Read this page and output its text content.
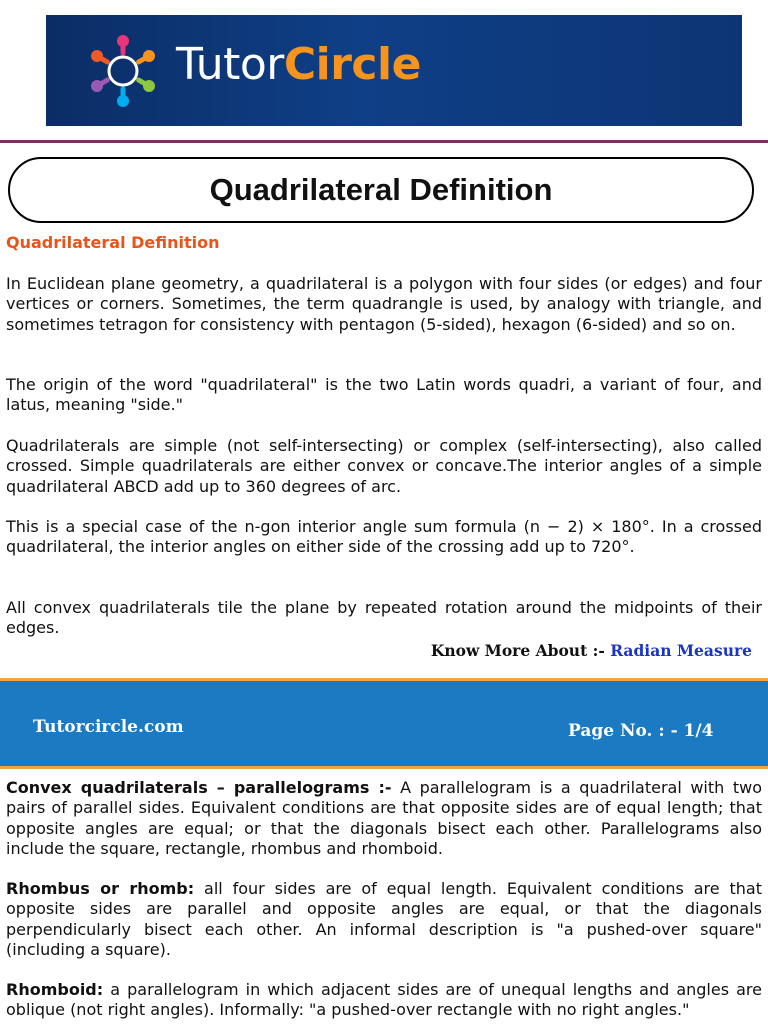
TutorCircle
Quadrilateral Definition
Quadrilateral Definition

In Euclidean plane geometry, a quadrilateral is a polygon with four sides (or edges) and four vertices or corners. Sometimes, the term quadrangle is used, by analogy with triangle, and sometimes tetragon for consistency with pentagon (5-sided), hexagon (6-sided) and so on.

The origin of the word "quadrilateral" is the two Latin words quadri, a variant of four, and latus, meaning "side."

Quadrilaterals are simple (not self-intersecting) or complex (self-intersecting), also called crossed. Simple quadrilaterals are either convex or concave.The interior angles of a simple quadrilateral ABCD add up to 360 degrees of arc.

This is a special case of the n-gon interior angle sum formula (n − 2) × 180°. In a crossed quadrilateral, the interior angles on either side of the crossing add up to 720°.

All convex quadrilaterals tile the plane by repeated rotation around the midpoints of their edges.

Know More About :- Radian Measure
Tutorcircle.com	Page No. : - 1/4

Convex quadrilaterals – parallelograms :- A parallelogram is a quadrilateral with two pairs of parallel sides. Equivalent conditions are that opposite sides are of equal length; that opposite angles are equal; or that the diagonals bisect each other. Parallelograms also include the square, rectangle, rhombus and rhomboid.

Rhombus or rhomb: all four sides are of equal length. Equivalent conditions are that opposite sides are parallel and opposite angles are equal, or that the diagonals perpendicularly bisect each other. An informal description is "a pushed-over square" (including a square).

Rhomboid: a parallelogram in which adjacent sides are of unequal lengths and angles are oblique (not right angles). Informally: "a pushed-over rectangle with no right angles."
